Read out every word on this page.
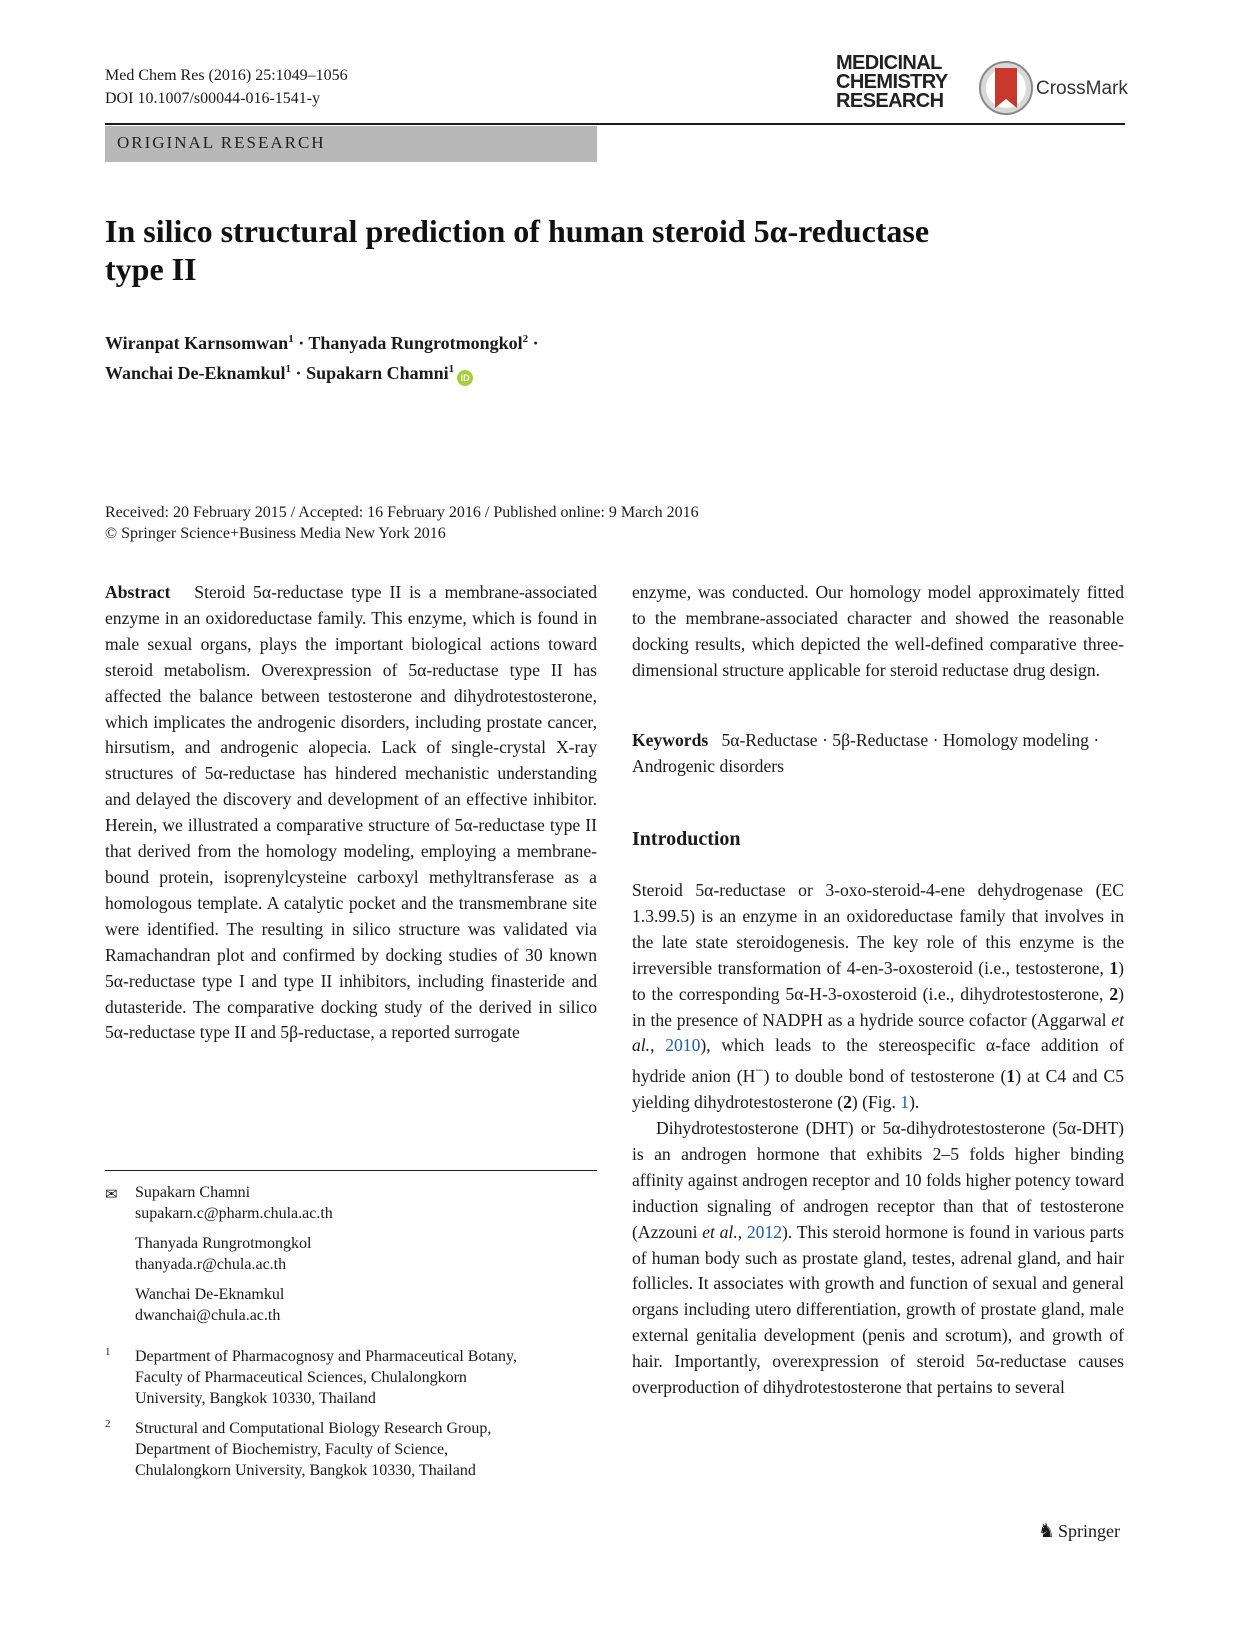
Med Chem Res (2016) 25:1049–1056
DOI 10.1007/s00044-016-1541-y
MEDICINAL
CHEMISTRY
RESEARCH
CrossMark
ORIGINAL RESEARCH
In silico structural prediction of human steroid 5α-reductase type II
Wiranpat Karnsomwan$^1$ · Thanyada Rungrotmongkol$^2$ ·
Wanchai De-Eknamkul$^1$ · Supakarn Chamni$^1$iD
Received: 20 February 2015 / Accepted: 16 February 2016 / Published online: 9 March 2016
© Springer Science+Business Media New York 2016

Abstract Steroid 5α-reductase type II is a membrane-associated enzyme in an oxidoreductase family. This enzyme, which is found in male sexual organs, plays the important biological actions toward steroid metabolism. Overexpression of 5α-reductase type II has affected the balance between testosterone and dihydrotestosterone, which implicates the androgenic disorders, including prostate cancer, hirsutism, and androgenic alopecia. Lack of single-crystal X-ray structures of 5α-reductase has hindered mechanistic understanding and delayed the discovery and development of an effective inhibitor. Herein, we illustrated a comparative structure of 5α-reductase type II that derived from the homology modeling, employing a membrane-bound protein, isoprenylcysteine carboxyl methyltransferase as a homologous template. A catalytic pocket and the transmembrane site were identified. The resulting in silico structure was validated via Ramachandran plot and confirmed by docking studies of 30 known 5α-reductase type I and type II inhibitors, including finasteride and dutasteride. The comparative docking study of the derived in silico 5α-reductase type II and 5β-reductase, a reported surrogate

enzyme, was conducted. Our homology model approximately fitted to the membrane-associated character and showed the reasonable docking results, which depicted the well-defined comparative three-dimensional structure applicable for steroid reductase drug design.

Keywords 5α-Reductase · 5β-Reductase · Homology modeling · Androgenic disorders
Introduction

Steroid 5α-reductase or 3-oxo-steroid-4-ene dehydrogenase (EC 1.3.99.5) is an enzyme in an oxidoreductase family that involves in the late state steroidogenesis. The key role of this enzyme is the irreversible transformation of 4-en-3-oxosteroid (i.e., testosterone, 1) to the corresponding 5α-H-3-oxosteroid (i.e., dihydrotestosterone, 2) in the presence of NADPH as a hydride source cofactor (Aggarwal et al., 2010), which leads to the stereospecific α-face addition of hydride anion (H−) to double bond of testosterone (1) at C4 and C5 yielding dihydrotestosterone (2) (Fig. 1).

Dihydrotestosterone (DHT) or 5α-dihydrotestosterone (5α-DHT) is an androgen hormone that exhibits 2–5 folds higher binding affinity against androgen receptor and 10 folds higher potency toward induction signaling of androgen receptor than that of testosterone (Azzouni et al., 2012). This steroid hormone is found in various parts of human body such as prostate gland, testes, adrenal gland, and hair follicles. It associates with growth and function of sexual and general organs including utero differentiation, growth of prostate gland, male external genitalia development (penis and scrotum), and growth of hair. Importantly, overexpression of steroid 5α-reductase causes overproduction of dihydrotestosterone that pertains to several

✉ Supakarn Chamni
supakarn.c@pharm.chula.ac.th
Thanyada Rungrotmongkol
thanyada.r@chula.ac.th
Wanchai De-Eknamkul
dwanchai@chula.ac.th
1 Department of Pharmacognosy and Pharmaceutical Botany,
Faculty of Pharmaceutical Sciences, Chulalongkorn
University, Bangkok 10330, Thailand
2 Structural and Computational Biology Research Group,
Department of Biochemistry, Faculty of Science,
Chulalongkorn University, Bangkok 10330, Thailand
♞ Springer
